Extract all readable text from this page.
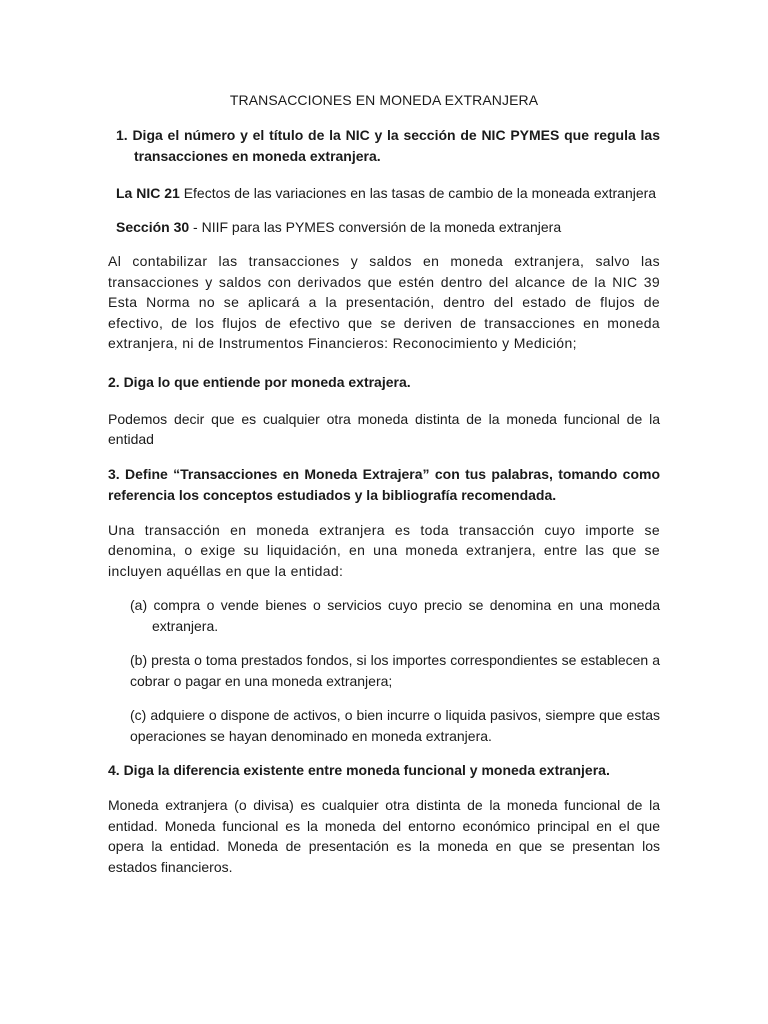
TRANSACCIONES EN MONEDA EXTRANJERA

1. Diga el número y el título de la NIC y la sección de NIC PYMES que regula las transacciones en moneda extranjera.

La NIC 21 Efectos de las variaciones en las tasas de cambio de la moneada extranjera

Sección 30 - NIIF para las PYMES conversión de la moneda extranjera

Al contabilizar las transacciones y saldos en moneda extranjera, salvo las transacciones y saldos con derivados que estén dentro del alcance de la NIC 39 Esta Norma no se aplicará a la presentación, dentro del estado de flujos de efectivo, de los flujos de efectivo que se deriven de transacciones en moneda extranjera, ni de Instrumentos Financieros: Reconocimiento y Medición;

2. Diga lo que entiende por moneda extrajera.

Podemos decir que es cualquier otra moneda distinta de la moneda funcional de la entidad

3. Define “Transacciones en Moneda Extrajera” con tus palabras, tomando como referencia los conceptos estudiados y la bibliografía recomendada.

Una transacción en moneda extranjera es toda transacción cuyo importe se denomina, o exige su liquidación, en una moneda extranjera, entre las que se incluyen aquéllas en que la entidad:

(a) compra o vende bienes o servicios cuyo precio se denomina en una moneda extranjera.

(b) presta o toma prestados fondos, si los importes correspondientes se establecen a cobrar o pagar en una moneda extranjera;

(c) adquiere o dispone de activos, o bien incurre o liquida pasivos, siempre que estas operaciones se hayan denominado en moneda extranjera.

4. Diga la diferencia existente entre moneda funcional y moneda extranjera.

Moneda extranjera (o divisa) es cualquier otra distinta de la moneda funcional de la entidad. Moneda funcional es la moneda del entorno económico principal en el que opera la entidad. Moneda de presentación es la moneda en que se presentan los estados financieros.
